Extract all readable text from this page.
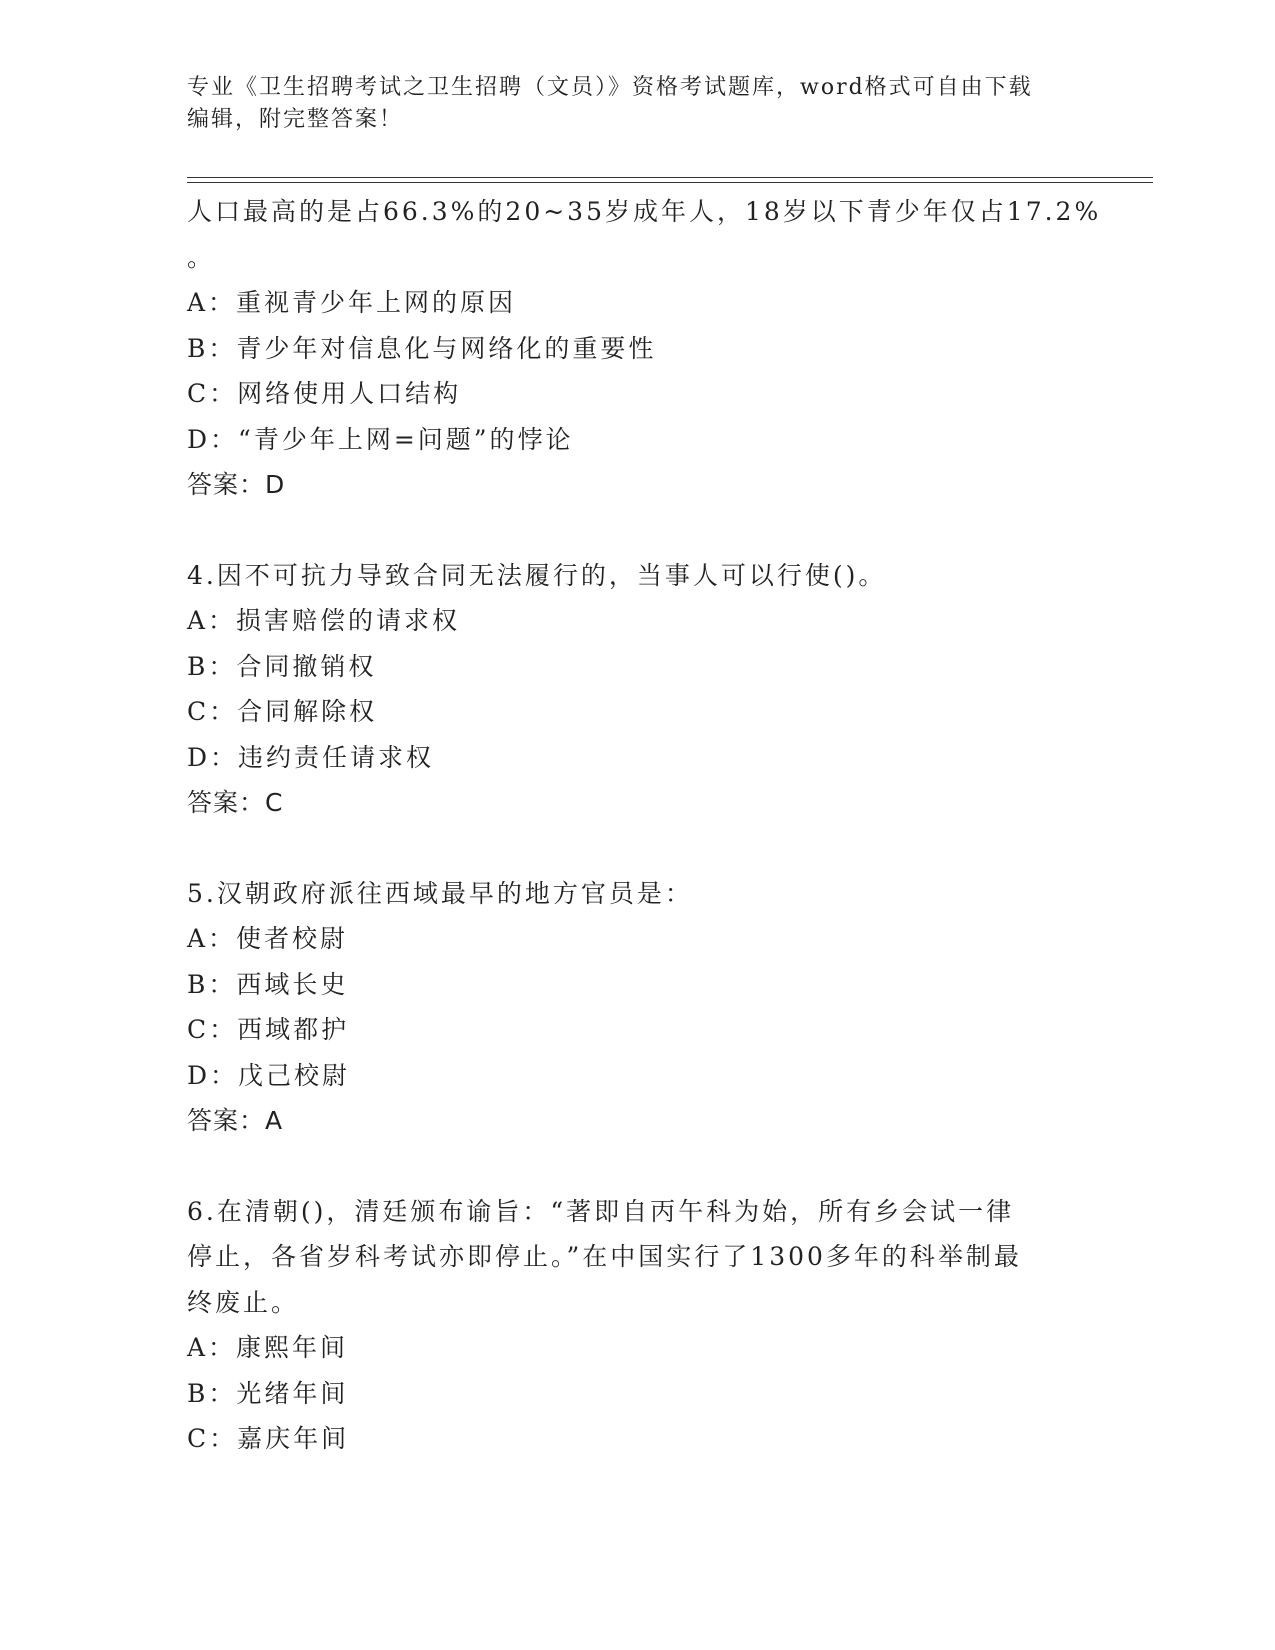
专业《卫生招聘考试之卫生招聘（文员）》资格考试题库，word格式可自由下载
编辑，附完整答案！
人口最高的是占66.3%的20~35岁成年人，18岁以下青少年仅占17.2%
。
A：重视青少年上网的原因
B：青少年对信息化与网络化的重要性
C：网络使用人口结构
D：“青少年上网=问题”的悖论
答案：D
4.因不可抗力导致合同无法履行的，当事人可以行使()。
A：损害赔偿的请求权
B：合同撤销权
C：合同解除权
D：违约责任请求权
答案：C
5.汉朝政府派往西域最早的地方官员是：
A：使者校尉
B：西域长史
C：西域都护
D：戊己校尉
答案：A
6.在清朝()，清廷颁布谕旨：“著即自丙午科为始，所有乡会试一律
停止，各省岁科考试亦即停止。”在中国实行了1300多年的科举制最
终废止。
A：康熙年间
B：光绪年间
C：嘉庆年间
